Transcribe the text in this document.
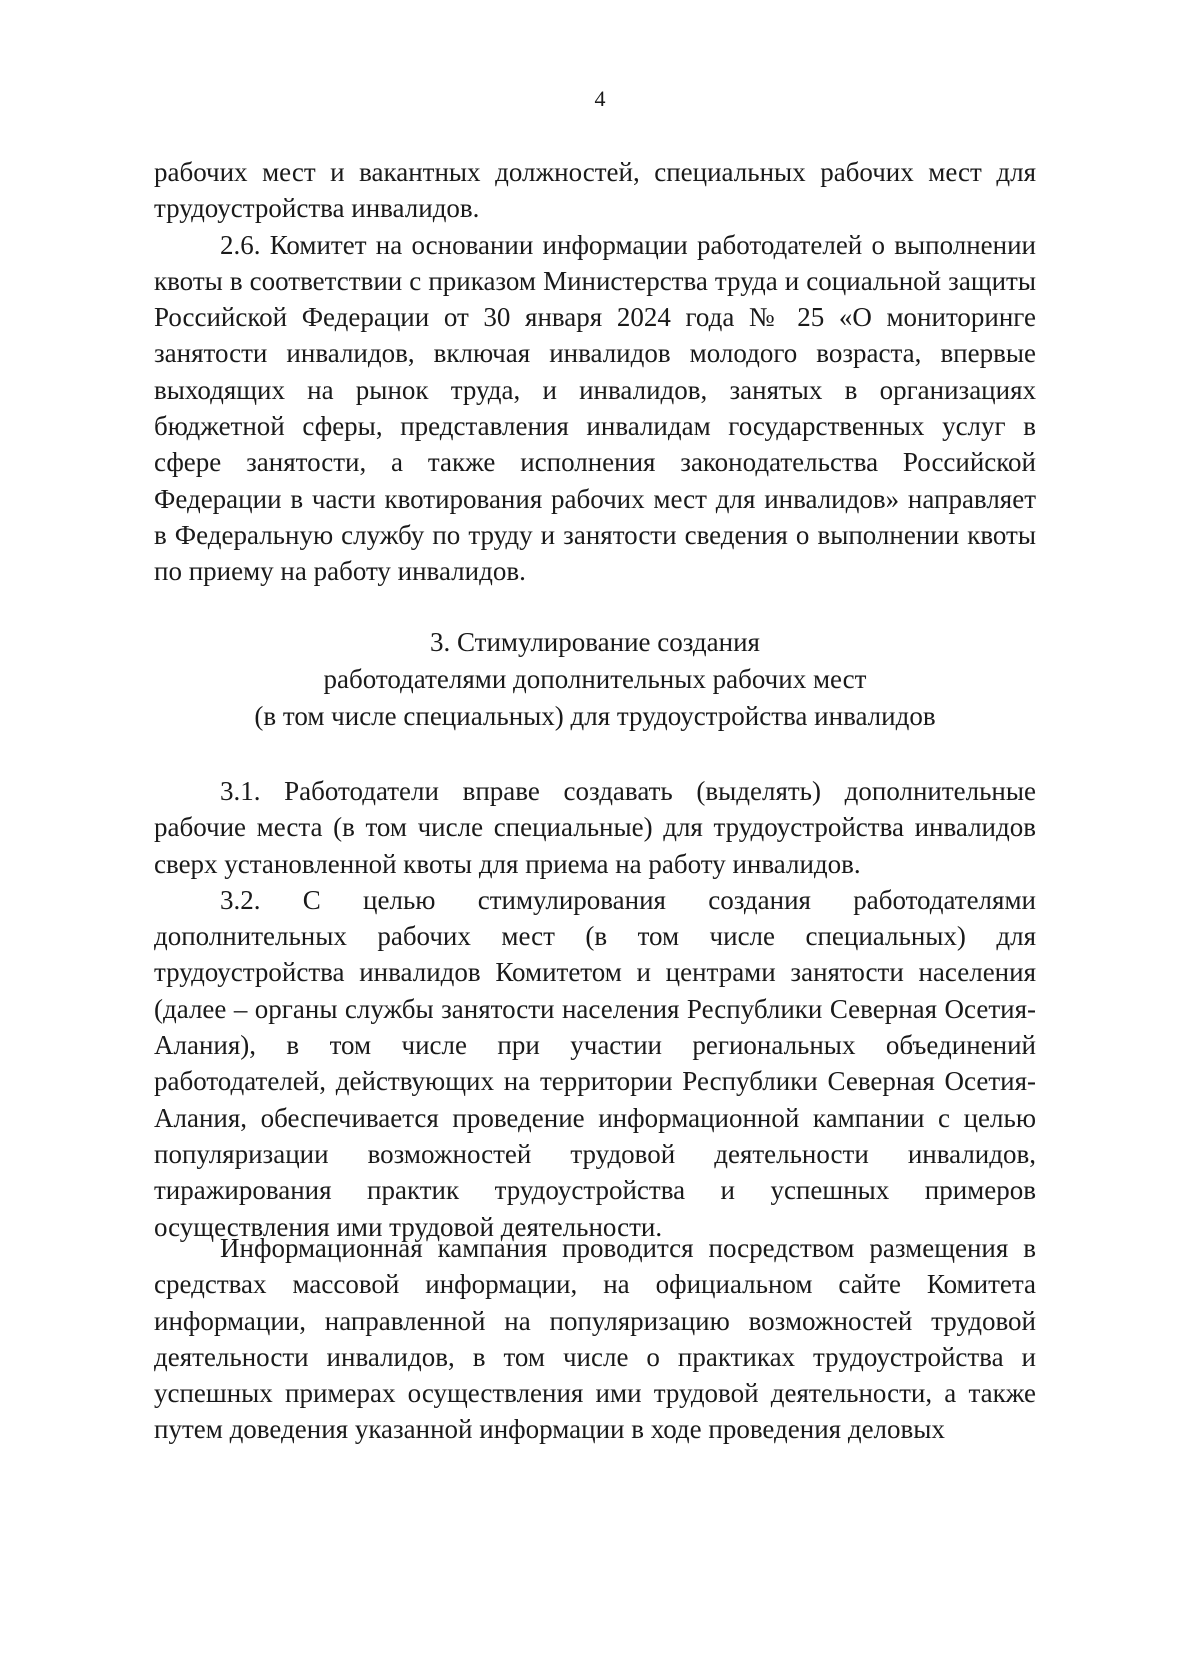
4

рабочих мест и вакантных должностей, специальных рабочих мест для трудоустройства инвалидов.

2.6. Комитет на основании информации работодателей о выполнении квоты в соответствии с приказом Министерства труда и социальной защиты Российской Федерации от 30 января 2024 года № 25 «О мониторинге занятости инвалидов, включая инвалидов молодого возраста, впервые выходящих на рынок труда, и инвалидов, занятых в организациях бюджетной сферы, представления инвалидам государственных услуг в сфере занятости, а также исполнения законодательства Российской Федерации в части квотирования рабочих мест для инвалидов» направляет в Федеральную службу по труду и занятости сведения о выполнении квоты по приему на работу инвалидов.

3. Стимулирование создания
работодателями дополнительных рабочих мест
(в том числе специальных) для трудоустройства инвалидов

3.1. Работодатели вправе создавать (выделять) дополнительные рабочие места (в том числе специальные) для трудоустройства инвалидов сверх установленной квоты для приема на работу инвалидов.

3.2. С целью стимулирования создания работодателями дополнительных рабочих мест (в том числе специальных) для трудоустройства инвалидов Комитетом и центрами занятости населения (далее – органы службы занятости населения Республики Северная Осетия-Алания), в том числе при участии региональных объединений работодателей, действующих на территории Республики Северная Осетия-Алания, обеспечивается проведение информационной кампании с целью популяризации возможностей трудовой деятельности инвалидов, тиражирования практик трудоустройства и успешных примеров осуществления ими трудовой деятельности.

Информационная кампания проводится посредством размещения в средствах массовой информации, на официальном сайте Комитета информации, направленной на популяризацию возможностей трудовой деятельности инвалидов, в том числе о практиках трудоустройства и успешных примерах осуществления ими трудовой деятельности, а также путем доведения указанной информации в ходе проведения деловых
